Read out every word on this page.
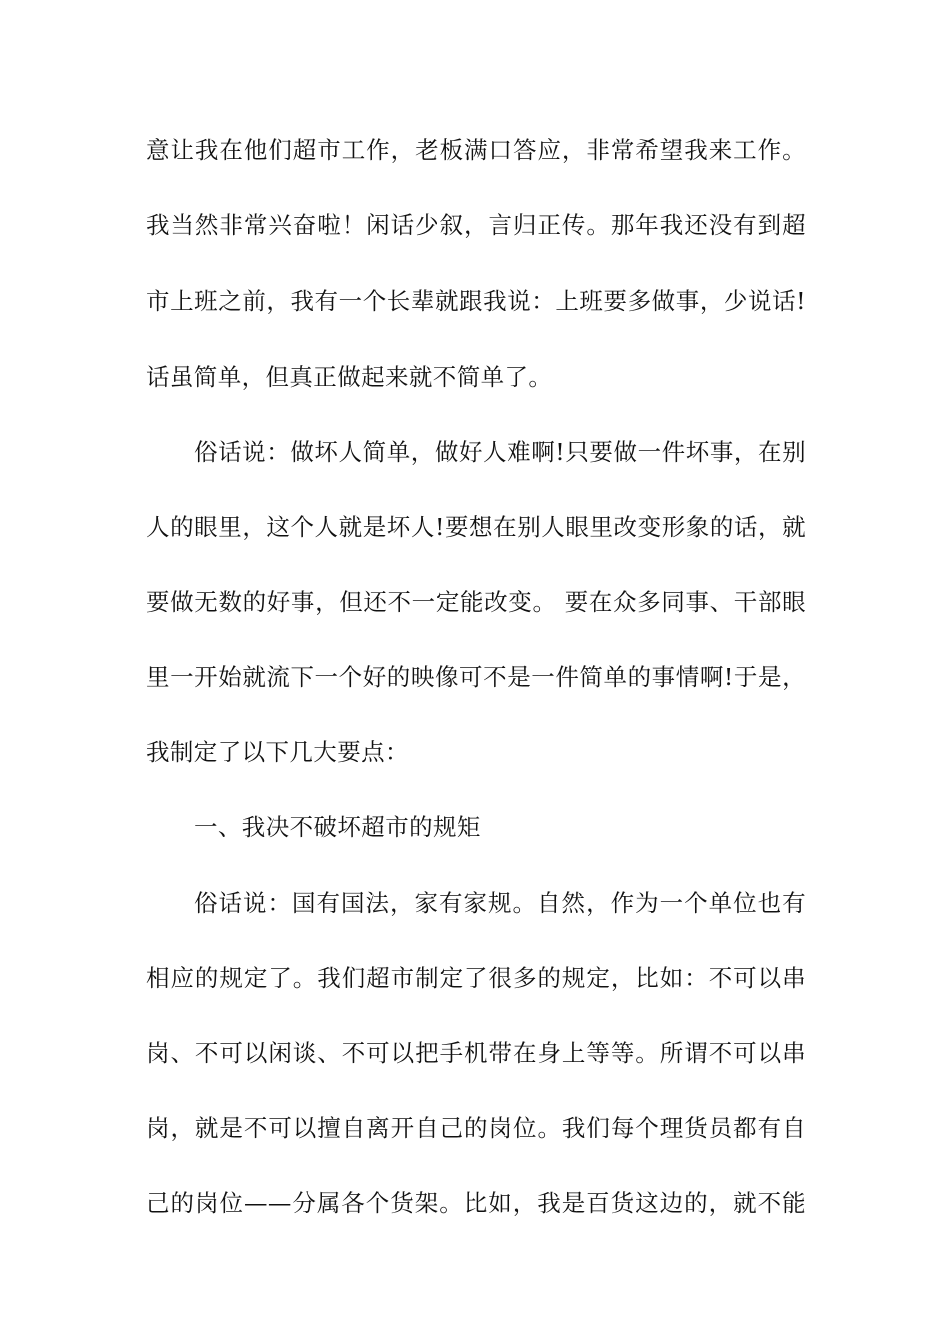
意让我在他们超市工作，老板满口答应，非常希望我来工作。
我当然非常兴奋啦！闲话少叙，言归正传。那年我还没有到超
市上班之前，我有一个长辈就跟我说：上班要多做事，少说话!
话虽简单，但真正做起来就不简单了。
俗话说：做坏人简单，做好人难啊!只要做一件坏事，在别
人的眼里，这个人就是坏人!要想在别人眼里改变形象的话，就
要做无数的好事，但还不一定能改变。 要在众多同事、干部眼
里一开始就流下一个好的映像可不是一件简单的事情啊!于是，
我制定了以下几大要点：
一、我决不破坏超市的规矩
俗话说：国有国法，家有家规。自然，作为一个单位也有
相应的规定了。我们超市制定了很多的规定，比如：不可以串
岗、不可以闲谈、不可以把手机带在身上等等。所谓不可以串
岗，就是不可以擅自离开自己的岗位。我们每个理货员都有自
己的岗位——分属各个货架。比如，我是百货这边的，就不能
